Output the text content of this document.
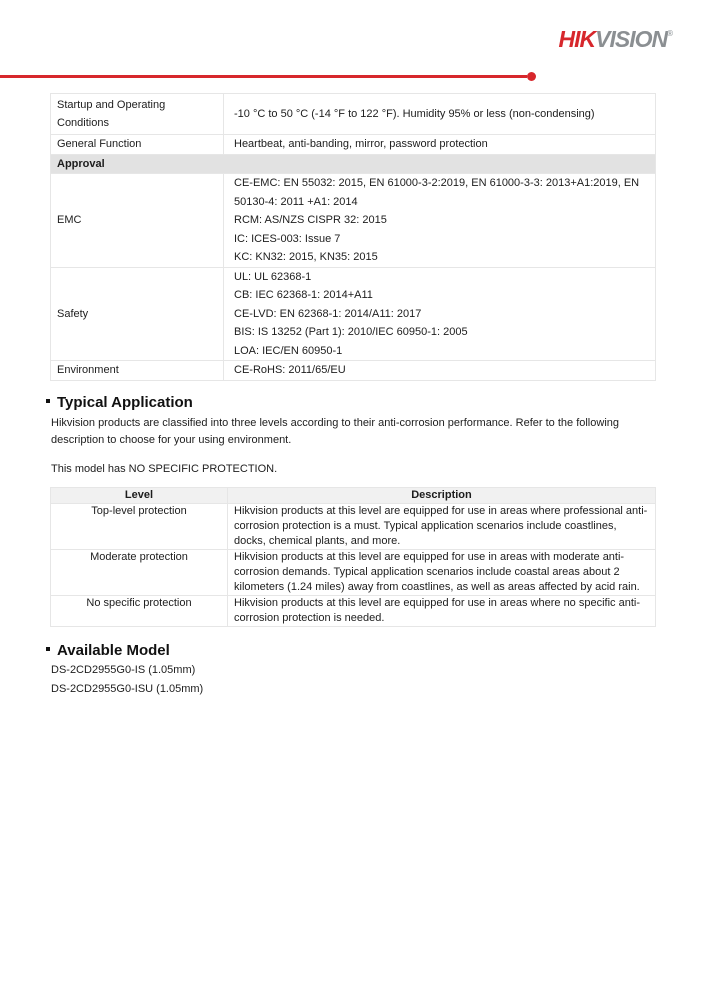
HIKVISION®
Startup and Operating Conditions	-10 °C to 50 °C (-14 °F to 122 °F). Humidity 95% or less (non-condensing)
General Function	Heartbeat, anti-banding, mirror, password protection
Approval	
EMC	CE-EMC: EN 55032: 2015, EN 61000-3-2:2019, EN 61000-3-3: 2013+A1:2019, EN 50130-4: 2011 +A1: 2014
RCM: AS/NZS CISPR 32: 2015
IC: ICES-003: Issue 7
KC: KN32: 2015, KN35: 2015

Safety	UL: UL 62368-1
CB: IEC 62368-1: 2014+A11
CE-LVD: EN 62368-1: 2014/A11: 2017
BIS: IS 13252 (Part 1): 2010/IEC 60950-1: 2005
LOA: IEC/EN 60950-1

Environment	CE-RoHS: 2011/65/EU
Typical Application

Hikvision products are classified into three levels according to their anti-corrosion performance. Refer to the following description to choose for your using environment.

This model has NO SPECIFIC PROTECTION.

Level	Description
Top-level protection	Hikvision products at this level are equipped for use in areas where professional anti-corrosion protection is a must. Typical application scenarios include coastlines, docks, chemical plants, and more.
Moderate protection	Hikvision products at this level are equipped for use in areas with moderate anti-corrosion demands. Typical application scenarios include coastal areas about 2 kilometers (1.24 miles) away from coastlines, as well as areas affected by acid rain.
No specific protection	Hikvision products at this level are equipped for use in areas where no specific anti-corrosion protection is needed.
Available Model

DS-2CD2955G0-IS (1.05mm)

DS-2CD2955G0-ISU (1.05mm)
